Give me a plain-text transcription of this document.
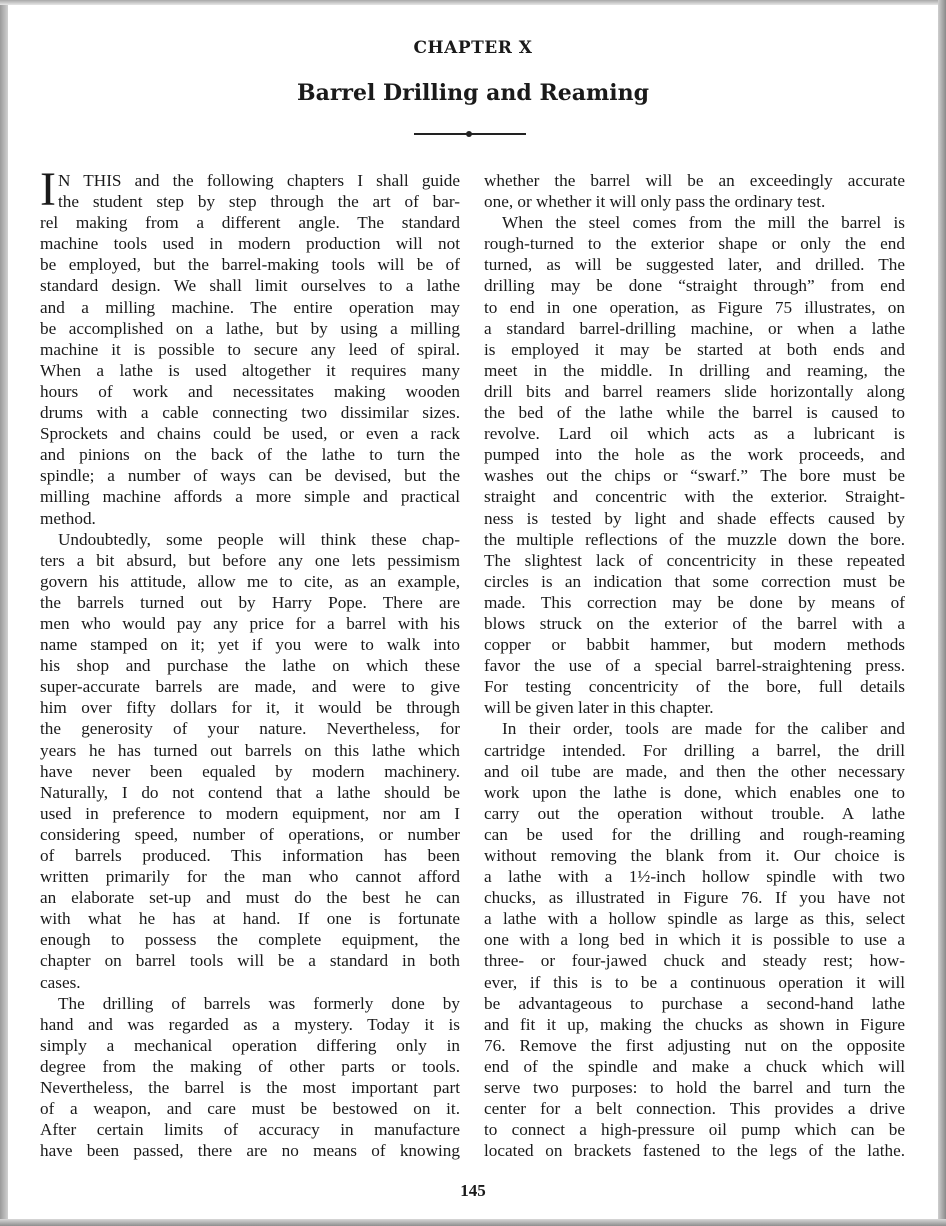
CHAPTER X
Barrel Drilling and Reaming
I N THIS and the following chapters I shall guide
the student step by step through the art of bar-
rel making from a different angle. The standard
machine tools used in modern production will not
be employed, but the barrel-making tools will be of
standard design. We shall limit ourselves to a lathe
and a milling machine. The entire operation may
be accomplished on a lathe, but by using a milling
machine it is possible to secure any leed of spiral.
When a lathe is used altogether it requires many
hours of work and necessitates making wooden
drums with a cable connecting two dissimilar sizes.
Sprockets and chains could be used, or even a rack
and pinions on the back of the lathe to turn the
spindle; a number of ways can be devised, but the
milling machine affords a more simple and practical
method.
Undoubtedly, some people will think these chap-
ters a bit absurd, but before any one lets pessimism
govern his attitude, allow me to cite, as an example,
the barrels turned out by Harry Pope. There are
men who would pay any price for a barrel with his
name stamped on it; yet if you were to walk into
his shop and purchase the lathe on which these
super-accurate barrels are made, and were to give
him over fifty dollars for it, it would be through
the generosity of your nature. Nevertheless, for
years he has turned out barrels on this lathe which
have never been equaled by modern machinery.
Naturally, I do not contend that a lathe should be
used in preference to modern equipment, nor am I
considering speed, number of operations, or number
of barrels produced. This information has been
written primarily for the man who cannot afford
an elaborate set-up and must do the best he can
with what he has at hand. If one is fortunate
enough to possess the complete equipment, the
chapter on barrel tools will be a standard in both
cases.
The drilling of barrels was formerly done by
hand and was regarded as a mystery. Today it is
simply a mechanical operation differing only in
degree from the making of other parts or tools.
Nevertheless, the barrel is the most important part
of a weapon, and care must be bestowed on it.
After certain limits of accuracy in manufacture
have been passed, there are no means of knowing
whether the barrel will be an exceedingly accurate
one, or whether it will only pass the ordinary test.
When the steel comes from the mill the barrel is
rough-turned to the exterior shape or only the end
turned, as will be suggested later, and drilled. The
drilling may be done “straight through” from end
to end in one operation, as Figure 75 illustrates, on
a standard barrel-drilling machine, or when a lathe
is employed it may be started at both ends and
meet in the middle. In drilling and reaming, the
drill bits and barrel reamers slide horizontally along
the bed of the lathe while the barrel is caused to
revolve. Lard oil which acts as a lubricant is
pumped into the hole as the work proceeds, and
washes out the chips or “swarf.” The bore must be
straight and concentric with the exterior. Straight-
ness is tested by light and shade effects caused by
the multiple reflections of the muzzle down the bore.
The slightest lack of concentricity in these repeated
circles is an indication that some correction must be
made. This correction may be done by means of
blows struck on the exterior of the barrel with a
copper or babbit hammer, but modern methods
favor the use of a special barrel-straightening press.
For testing concentricity of the bore, full details
will be given later in this chapter.
In their order, tools are made for the caliber and
cartridge intended. For drilling a barrel, the drill
and oil tube are made, and then the other necessary
work upon the lathe is done, which enables one to
carry out the operation without trouble. A lathe
can be used for the drilling and rough-reaming
without removing the blank from it. Our choice is
a lathe with a 1½-inch hollow spindle with two
chucks, as illustrated in Figure 76. If you have not
a lathe with a hollow spindle as large as this, select
one with a long bed in which it is possible to use a
three- or four-jawed chuck and steady rest; how-
ever, if this is to be a continuous operation it will
be advantageous to purchase a second-hand lathe
and fit it up, making the chucks as shown in Figure
76. Remove the first adjusting nut on the opposite
end of the spindle and make a chuck which will
serve two purposes: to hold the barrel and turn the
center for a belt connection. This provides a drive
to connect a high-pressure oil pump which can be
located on brackets fastened to the legs of the lathe.
145
